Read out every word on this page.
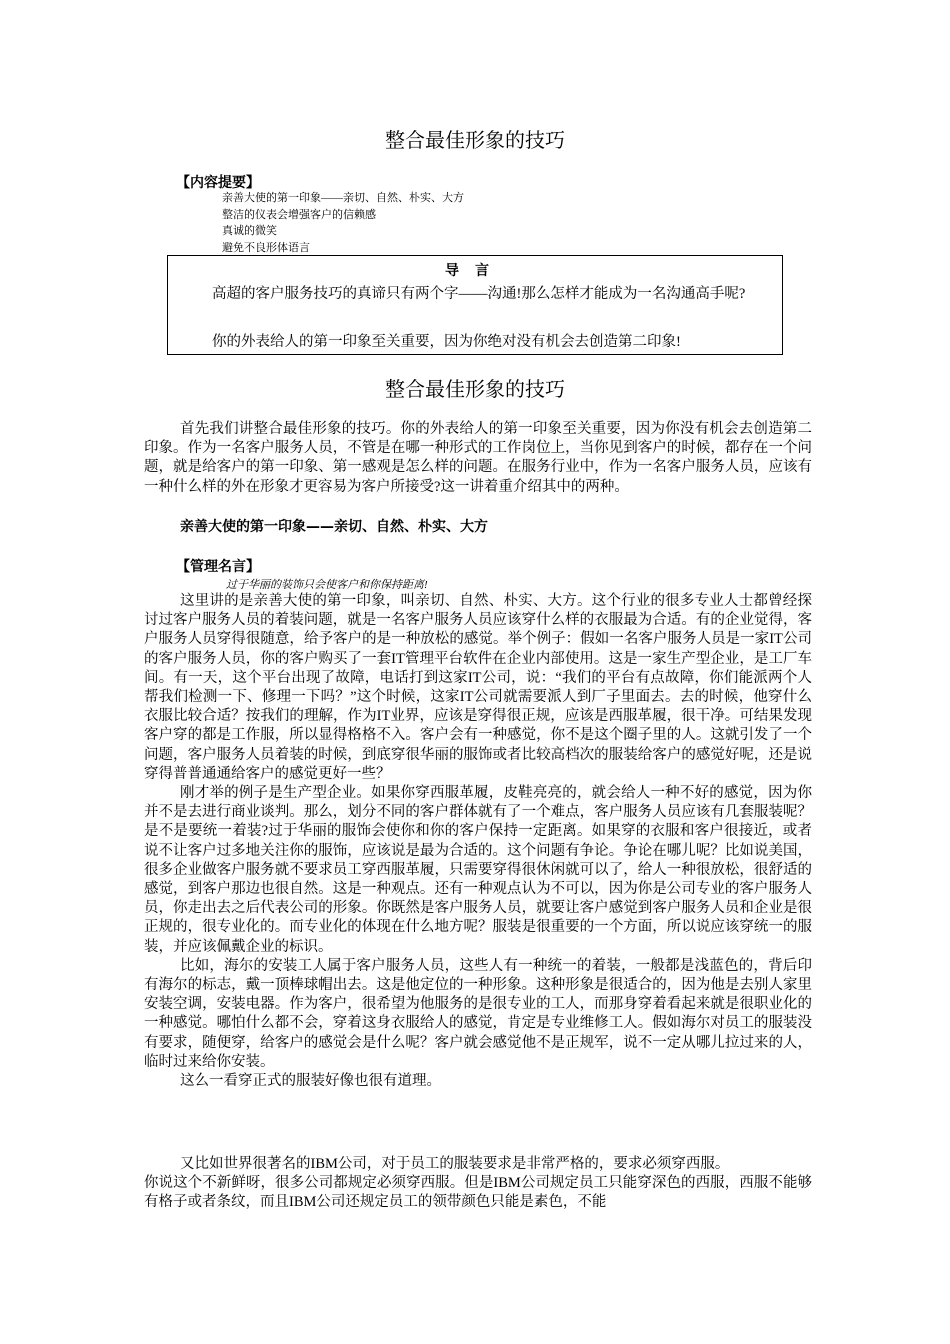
整合最佳形象的技巧
【内容提要】
亲善大使的第一印象——亲切、自然、朴实、大方
整洁的仪表会增强客户的信赖感
真诚的微笑
避免不良形体语言
导言
高超的客户服务技巧的真谛只有两个字——沟通!那么怎样才能成为一名沟通高手呢?
你的外表给人的第一印象至关重要，因为你绝对没有机会去创造第二印象!
整合最佳形象的技巧

首先我们讲整合最佳形象的技巧。你的外表给人的第一印象至关重要，因为你没有机会去创造第二印象。作为一名客户服务人员，不管是在哪一种形式的工作岗位上，当你见到客户的时候，都存在一个问题，就是给客户的第一印象、第一感观是怎么样的问题。在服务行业中，作为一名客户服务人员，应该有一种什么样的外在形象才更容易为客户所接受?这一讲着重介绍其中的两种。

亲善大使的第一印象——亲切、自然、朴实、大方
【管理名言】
过于华丽的装饰只会使客户和你保持距离!

这里讲的是亲善大使的第一印象，叫亲切、自然、朴实、大方。这个行业的很多专业人士都曾经探讨过客户服务人员的着装问题，就是一名客户服务人员应该穿什么样的衣服最为合适。有的企业觉得，客户服务人员穿得很随意，给予客户的是一种放松的感觉。举个例子：假如一名客户服务人员是一家IT公司的客户服务人员，你的客户购买了一套IT管理平台软件在企业内部使用。这是一家生产型企业，是工厂车间。有一天，这个平台出现了故障，电话打到这家IT公司，说：“我们的平台有点故障，你们能派两个人帮我们检测一下、修理一下吗？”这个时候，这家IT公司就需要派人到厂子里面去。去的时候，他穿什么衣服比较合适？按我们的理解，作为IT业界，应该是穿得很正规，应该是西服革履，很干净。可结果发现客户穿的都是工作服，所以显得格格不入。客户会有一种感觉，你不是这个圈子里的人。这就引发了一个问题，客户服务人员着装的时候，到底穿很华丽的服饰或者比较高档次的服装给客户的感觉好呢，还是说穿得普普通通给客户的感觉更好一些？

刚才举的例子是生产型企业。如果你穿西服革履，皮鞋亮亮的，就会给人一种不好的感觉，因为你并不是去进行商业谈判。那么，划分不同的客户群体就有了一个难点，客户服务人员应该有几套服装呢？是不是要统一着装?过于华丽的服饰会使你和你的客户保持一定距离。如果穿的衣服和客户很接近，或者说不让客户过多地关注你的服饰，应该说是最为合适的。这个问题有争论。争论在哪儿呢？比如说美国，很多企业做客户服务就不要求员工穿西服革履，只需要穿得很休闲就可以了，给人一种很放松，很舒适的感觉，到客户那边也很自然。这是一种观点。还有一种观点认为不可以，因为你是公司专业的客户服务人员，你走出去之后代表公司的形象。你既然是客户服务人员，就要让客户感觉到客户服务人员和企业是很正规的，很专业化的。而专业化的体现在什么地方呢？服装是很重要的一个方面，所以说应该穿统一的服装，并应该佩戴企业的标识。

比如，海尔的安装工人属于客户服务人员，这些人有一种统一的着装，一般都是浅蓝色的，背后印有海尔的标志，戴一顶棒球帽出去。这是他定位的一种形象。这种形象是很适合的，因为他是去别人家里安装空调，安装电器。作为客户，很希望为他服务的是很专业的工人，而那身穿着看起来就是很职业化的一种感觉。哪怕什么都不会，穿着这身衣服给人的感觉，肯定是专业维修工人。假如海尔对员工的服装没有要求，随便穿，给客户的感觉会是什么呢？客户就会感觉他不是正规军，说不一定从哪儿拉过来的人，临时过来给你安装。

这么一看穿正式的服装好像也很有道理。

又比如世界很著名的IBM公司，对于员工的服装要求是非常严格的，要求必须穿西服。

你说这个不新鲜呀，很多公司都规定必须穿西服。但是IBM公司规定员工只能穿深色的西服，西服不能够有格子或者条纹，而且IBM公司还规定员工的领带颜色只能是素色，不能
